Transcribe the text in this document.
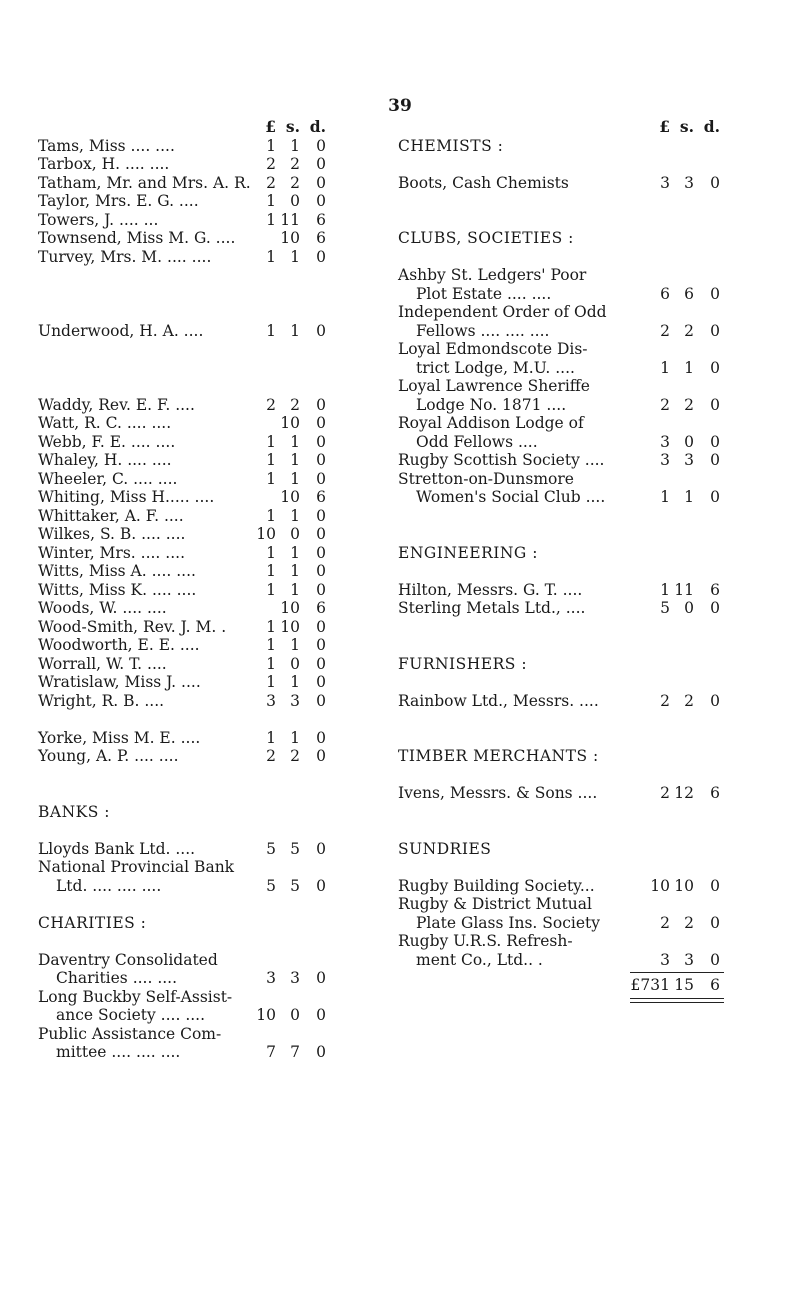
39
£ s. d.
Tams, Miss .... ....	1 1	0
Tarbox, H. .... ....	2 2	0
Tatham, Mr. and Mrs. A. R.	2 2	0
Taylor, Mrs. E. G. ....	1 0	0
Towers, J. .... ...	1 11	6
Townsend, Miss M. G. ....	10	6
Turvey, Mrs. M. .... ....	1 1	0
Underwood, H. A. ....	1 1	0
Waddy, Rev. E. F. ....	2 2	0
Watt, R. C. .... ....	10	0
Webb, F. E. .... ....	1 1	0
Whaley, H. .... ....	1 1	0
Wheeler, C. .... ....	1 1	0
Whiting, Miss H..... ....	10	6
Whittaker, A. F. ....	1 1	0
Wilkes, S. B. .... ....	10 0	0
Winter, Mrs. .... ....	1 1	0
Witts, Miss A. .... ....	1 1	0
Witts, Miss K. .... ....	1 1	0
Woods, W. .... ....	10	6
Wood-Smith, Rev. J. M. .	1 10	0
Woodworth, E. E. ....	1 1	0
Worrall, W. T. ....	1 0	0
Wratislaw, Miss J. ....	1 1	0
Wright, R. B. ....	3 3	0
Yorke, Miss M. E. ....	1 1	0
Young, A. P. .... ....	2 2	0
BANKS :
Lloyds Bank Ltd. ....	5 5	0
National Provincial Bank
Ltd. .... .... ....	5 5	0
CHARITIES :
Daventry Consolidated
Charities .... ....	3 3	0
Long Buckby Self-Assist-
ance Society .... ....	10 0	0
Public Assistance Com-
mittee .... .... ....	7 7	0
£ s. d.
CHEMISTS :
Boots, Cash Chemists	3 3	0
CLUBS, SOCIETIES :
Ashby St. Ledgers' Poor
Plot Estate .... ....	6 6	0
Independent Order of Odd
Fellows .... .... ....	2 2	0
Loyal Edmondscote Dis-
trict Lodge, M.U. ....	1 1	0
Loyal Lawrence Sheriffe
Lodge No. 1871 ....	2 2	0
Royal Addison Lodge of
Odd Fellows ....	3 0	0
Rugby Scottish Society ....	3 3	0
Stretton-on-Dunsmore
Women's Social Club ....	1 1	0
ENGINEERING :
Hilton, Messrs. G. T. ....	1 11	6
Sterling Metals Ltd., ....	5 0	0
FURNISHERS :
Rainbow Ltd., Messrs. ....	2 2	0
TIMBER MERCHANTS :
Ivens, Messrs. & Sons ....	2 12	6
SUNDRIES
Rugby Building Society...	10 10	0
Rugby & District Mutual
Plate Glass Ins. Society	2 2	0
Rugby U.R.S. Refresh-
ment Co., Ltd.. .	3 3	0
£731 15	6
